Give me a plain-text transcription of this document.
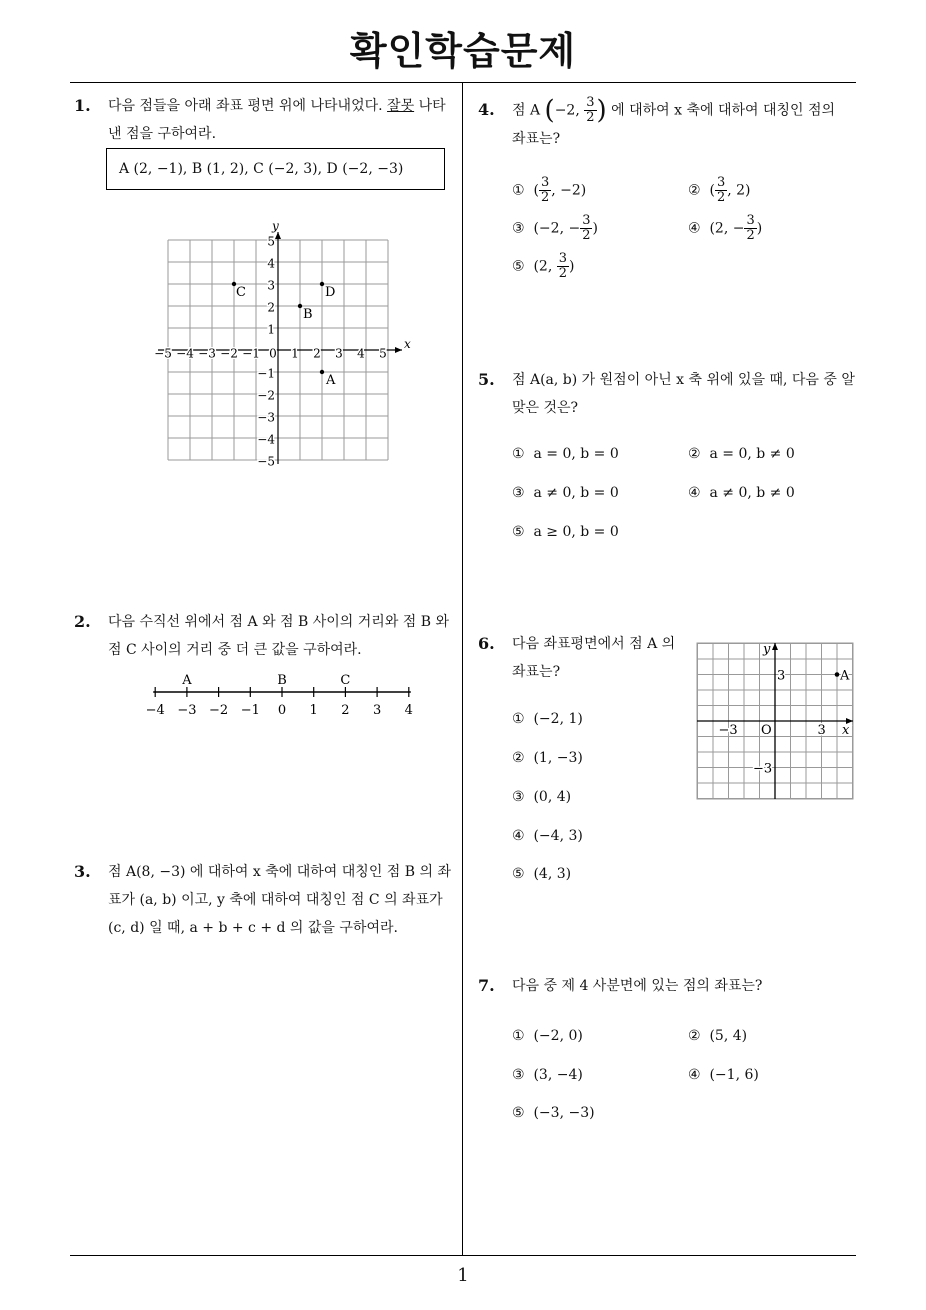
확인학습문제
1
1. 다음 점들을 아래 좌표 평면 위에 나타내었다. 잘못 나타낸 점을 구하여라.
A (2, −1), B (1, 2), C (−2, 3), D (−2, −3)
x
y
−5 −4 −3 −2 −1 0 1 2 3 4 5
5
4
3
2
1
−1
−2
−3
−4
−5
A
B
C	D
2. 다음 수직선 위에서 점 A 와 점 B 사이의 거리와 점 B 와 점 C 사이의 거리 중 더 큰 값을 구하여라.
−4 −3 −2 −1 0 1 2 3 4
A	B	C
3. 점 A(8, −3) 에 대하여 x 축에 대하여 대칭인 점 B 의 좌표가 (a, b) 이고, y 축에 대하여 대칭인 점 C 의 좌표가 (c, d) 일 때, a + b + c + d 의 값을 구하여라.
4. 점 A (−2, $\frac{3}{2}$ ) 에 대하여 x 축에 대하여 대칭인 점의
좌표는?
① ( $\frac{3}{2}$ , −2)	② ( $\frac{3}{2}$ , 2)
③ (−2, − $\frac{3}{2}$ )	④ (2, − $\frac{3}{2}$ )
⑤ (2, $\frac{3}{2}$ )
5. 점 A(a, b) 가 원점이 아닌 x 축 위에 있을 때, 다음 중 알맞은 것은?
① a = 0, b = 0	② a = 0, b ≠ 0
③ a ≠ 0, b = 0	④ a ≠ 0, b ≠ 0
⑤ a ≥ 0, b = 0
6. 다음 좌표평면에서 점 A 의 좌표는?
y
x
O	3
−3
3
−3
A
① (−2, 1)
② (1, −3)
③ (0, 4)
④ (−4, 3)
⑤ (4, 3)
7. 다음 중 제 4 사분면에 있는 점의 좌표는?
① (−2, 0)	② (5, 4)
③ (3, −4)	④ (−1, 6)
⑤ (−3, −3)
